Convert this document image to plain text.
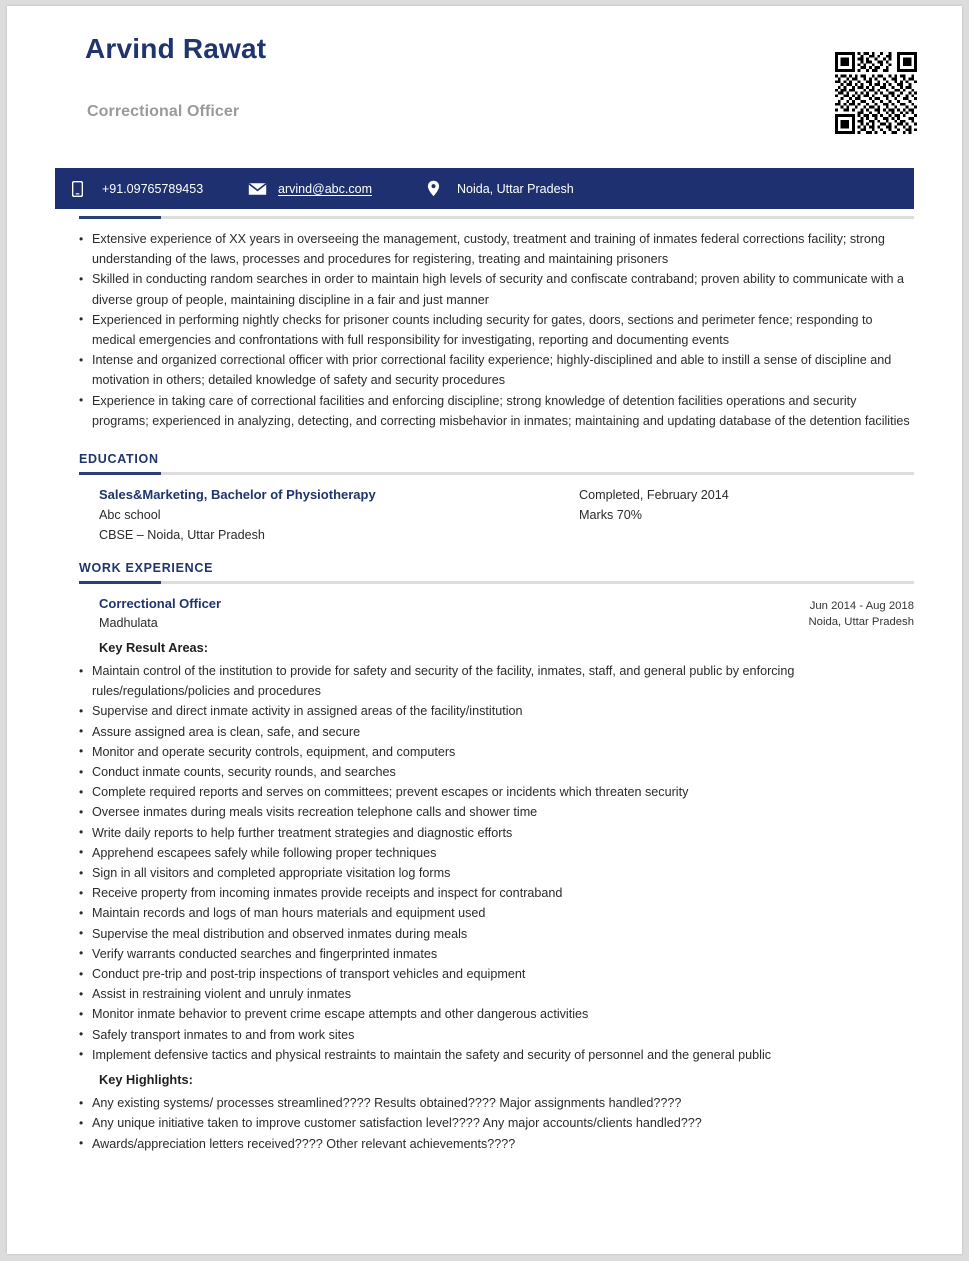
Arvind Rawat
Correctional Officer
+91.09765789453	arvind@abc.com	Noida, Uttar Pradesh
• Extensive experience of XX years in overseeing the management, custody, treatment and training of inmates federal corrections facility; strong understanding of the laws, processes and procedures for registering, treating and maintaining prisoners
• Skilled in conducting random searches in order to maintain high levels of security and confiscate contraband; proven ability to communicate with a diverse group of people, maintaining discipline in a fair and just manner
• Experienced in performing nightly checks for prisoner counts including security for gates, doors, sections and perimeter fence; responding to medical emergencies and confrontations with full responsibility for investigating, reporting and documenting events
• Intense and organized correctional officer with prior correctional facility experience; highly-disciplined and able to instill a sense of discipline and motivation in others; detailed knowledge of safety and security procedures
• Experience in taking care of correctional facilities and enforcing discipline; strong knowledge of detention facilities operations and security programs; experienced in analyzing, detecting, and correcting misbehavior in inmates; maintaining and updating database of the detention facilities
EDUCATION
Sales&Marketing, Bachelor of Physiotherapy
Abc school
CBSE – Noida, Uttar Pradesh
Completed, February 2014
Marks 70%
WORK EXPERIENCE
Correctional Officer
Madhulata
Jun 2014 - Aug 2018
Noida, Uttar Pradesh
Key Result Areas:
• Maintain control of the institution to provide for safety and security of the facility, inmates, staff, and general public by enforcing rules/regulations/policies and procedures
• Supervise and direct inmate activity in assigned areas of the facility/institution
• Assure assigned area is clean, safe, and secure
• Monitor and operate security controls, equipment, and computers
• Conduct inmate counts, security rounds, and searches
• Complete required reports and serves on committees; prevent escapes or incidents which threaten security
• Oversee inmates during meals visits recreation telephone calls and shower time
• Write daily reports to help further treatment strategies and diagnostic efforts
• Apprehend escapees safely while following proper techniques
• Sign in all visitors and completed appropriate visitation log forms
• Receive property from incoming inmates provide receipts and inspect for contraband
• Maintain records and logs of man hours materials and equipment used
• Supervise the meal distribution and observed inmates during meals
• Verify warrants conducted searches and fingerprinted inmates
• Conduct pre-trip and post-trip inspections of transport vehicles and equipment
• Assist in restraining violent and unruly inmates
• Monitor inmate behavior to prevent crime escape attempts and other dangerous activities
• Safely transport inmates to and from work sites
• Implement defensive tactics and physical restraints to maintain the safety and security of personnel and the general public
Key Highlights:
• Any existing systems/ processes streamlined???? Results obtained???? Major assignments handled????
• Any unique initiative taken to improve customer satisfaction level???? Any major accounts/clients handled???
• Awards/appreciation letters received???? Other relevant achievements????
